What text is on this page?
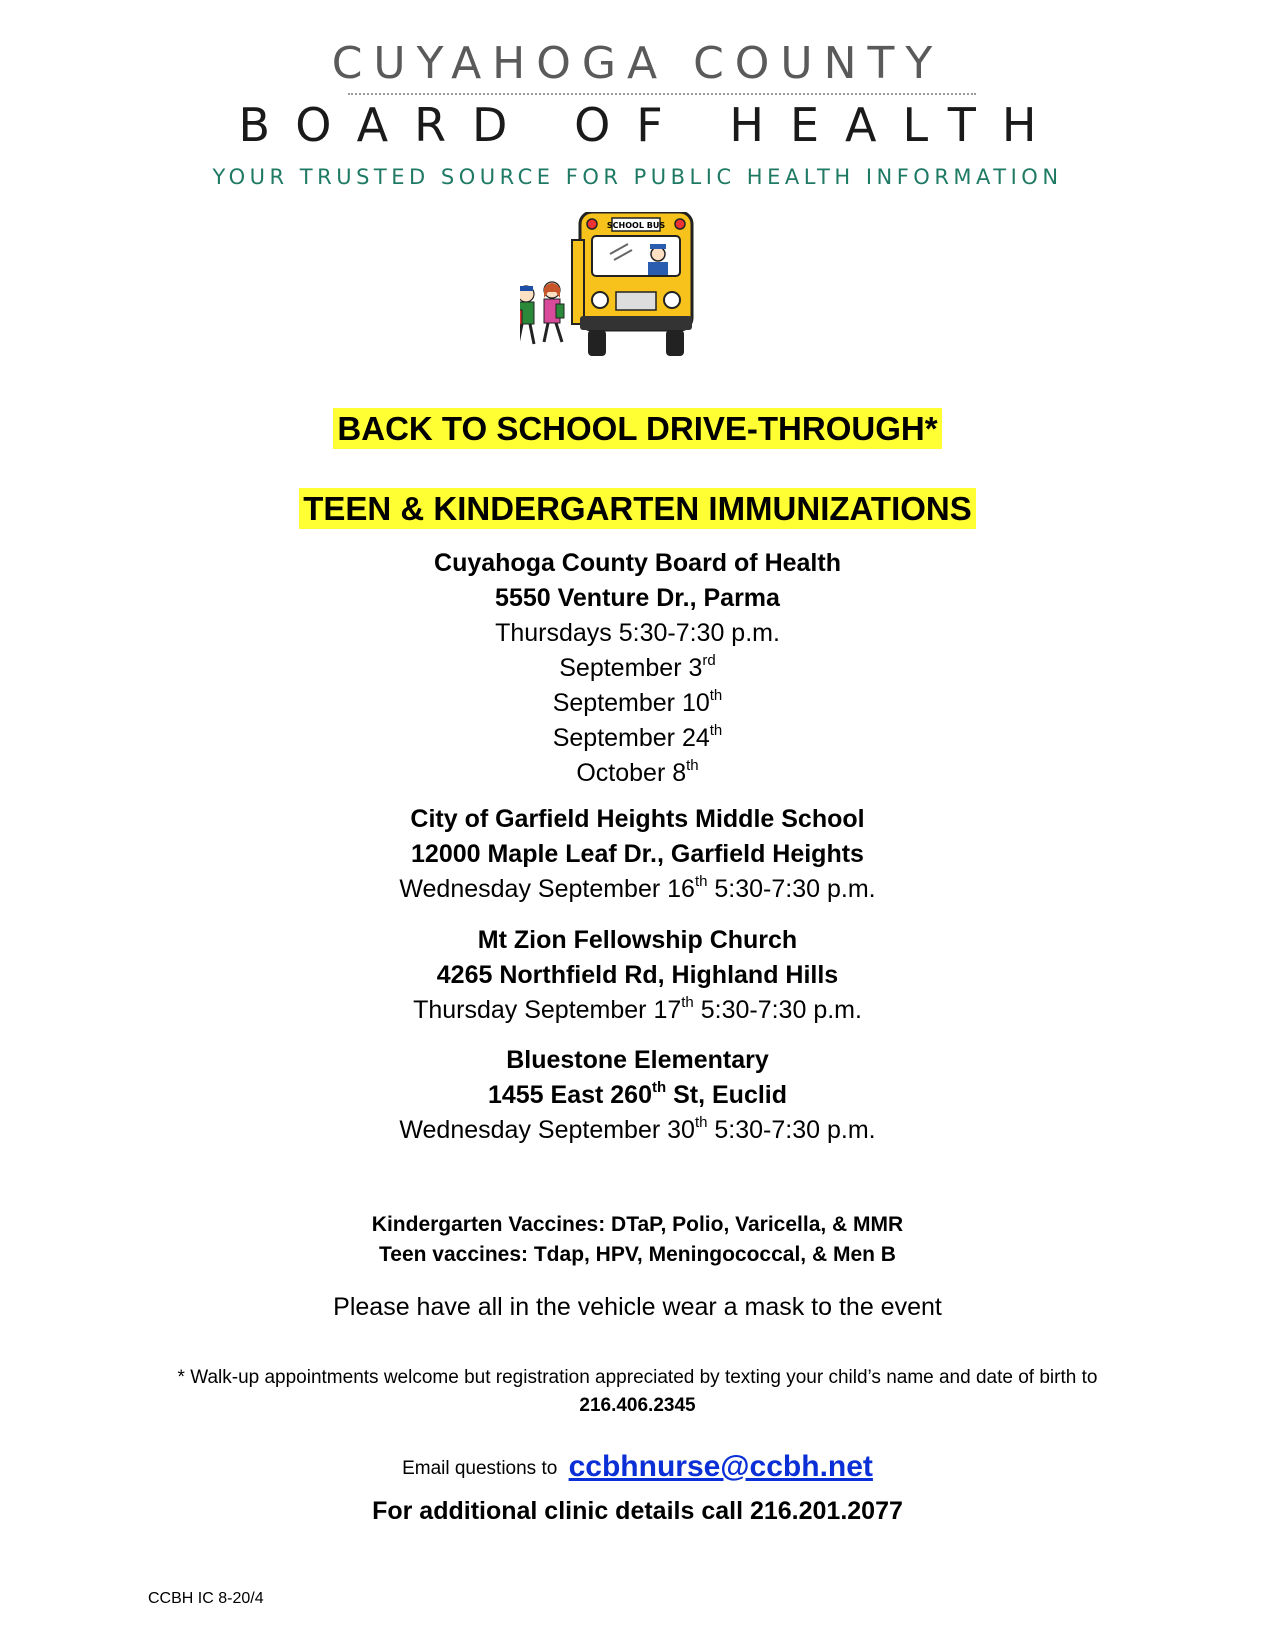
CUYAHOGA COUNTY
BOARD OF HEALTH
YOUR TRUSTED SOURCE FOR PUBLIC HEALTH INFORMATION
SCHOOL BUS
BACK TO SCHOOL DRIVE-THROUGH*
TEEN & KINDERGARTEN IMMUNIZATIONS
Cuyahoga County Board of Health
5550 Venture Dr., Parma
Thursdays 5:30-7:30 p.m.
September 3rd
September 10th
September 24th
October 8th
City of Garfield Heights Middle School
12000 Maple Leaf Dr., Garfield Heights
Wednesday September 16th 5:30-7:30 p.m.
Mt Zion Fellowship Church
4265 Northfield Rd, Highland Hills
Thursday September 17th 5:30-7:30 p.m.
Bluestone Elementary
1455 East 260th St, Euclid
Wednesday September 30th 5:30-7:30 p.m.
Kindergarten Vaccines: DTaP, Polio, Varicella, & MMR
Teen vaccines: Tdap, HPV, Meningococcal, & Men B
Please have all in the vehicle wear a mask to the event
* Walk-up appointments welcome but registration appreciated by texting your child’s name and date of birth to 216.406.2345
Email questions to ccbhnurse@ccbh.net
For additional clinic details call 216.201.2077
CCBH IC 8-20/4
